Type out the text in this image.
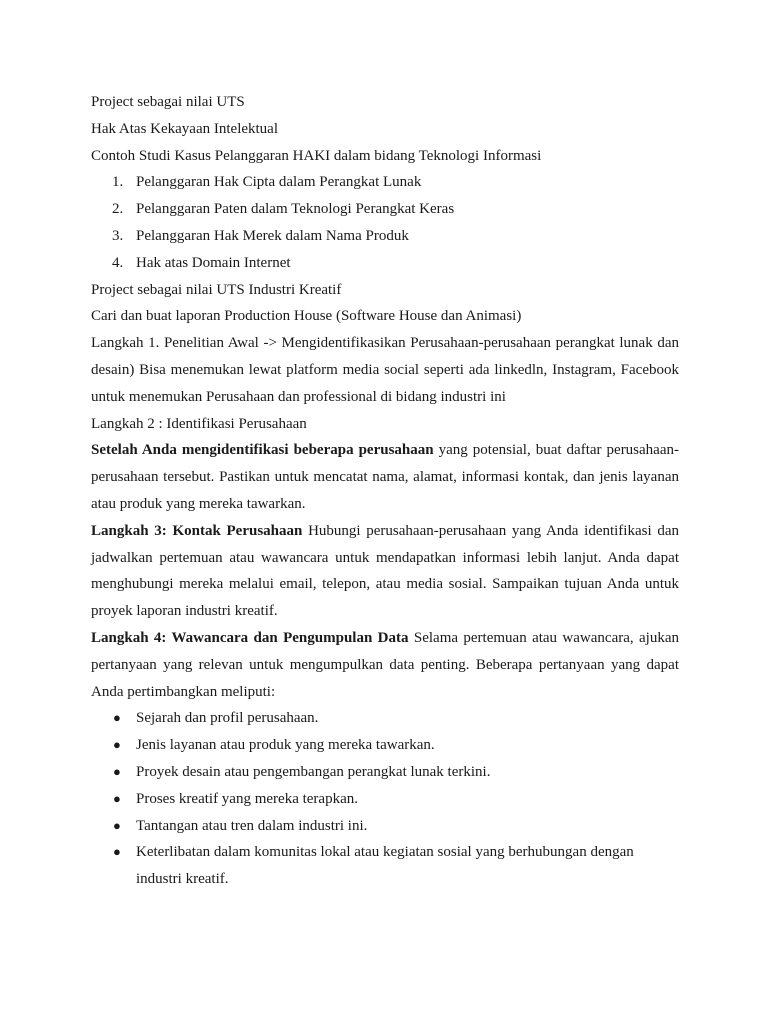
Project sebagai nilai UTS

Hak Atas Kekayaan Intelektual

Contoh Studi Kasus Pelanggaran HAKI dalam bidang Teknologi Informasi

1. Pelanggaran Hak Cipta dalam Perangkat Lunak
2. Pelanggaran Paten dalam Teknologi Perangkat Keras
3. Pelanggaran Hak Merek dalam Nama Produk
4. Hak atas Domain Internet

Project sebagai nilai UTS Industri Kreatif

Cari dan buat laporan Production House (Software House dan Animasi)

Langkah 1. Penelitian Awal -> Mengidentifikasikan Perusahaan-perusahaan perangkat lunak dan desain) Bisa menemukan lewat platform media social seperti ada linkedln, Instagram, Facebook untuk menemukan Perusahaan dan professional di bidang industri ini

Langkah 2 : Identifikasi Perusahaan

Setelah Anda mengidentifikasi beberapa perusahaan yang potensial, buat daftar perusahaan-perusahaan tersebut. Pastikan untuk mencatat nama, alamat, informasi kontak, dan jenis layanan atau produk yang mereka tawarkan.

Langkah 3: Kontak Perusahaan Hubungi perusahaan-perusahaan yang Anda identifikasi dan jadwalkan pertemuan atau wawancara untuk mendapatkan informasi lebih lanjut. Anda dapat menghubungi mereka melalui email, telepon, atau media sosial. Sampaikan tujuan Anda untuk proyek laporan industri kreatif.

Langkah 4: Wawancara dan Pengumpulan Data Selama pertemuan atau wawancara, ajukan pertanyaan yang relevan untuk mengumpulkan data penting. Beberapa pertanyaan yang dapat Anda pertimbangkan meliputi:

● Sejarah dan profil perusahaan.
● Jenis layanan atau produk yang mereka tawarkan.
● Proyek desain atau pengembangan perangkat lunak terkini.
● Proses kreatif yang mereka terapkan.
● Tantangan atau tren dalam industri ini.
● Keterlibatan dalam komunitas lokal atau kegiatan sosial yang berhubungan dengan industri kreatif.
